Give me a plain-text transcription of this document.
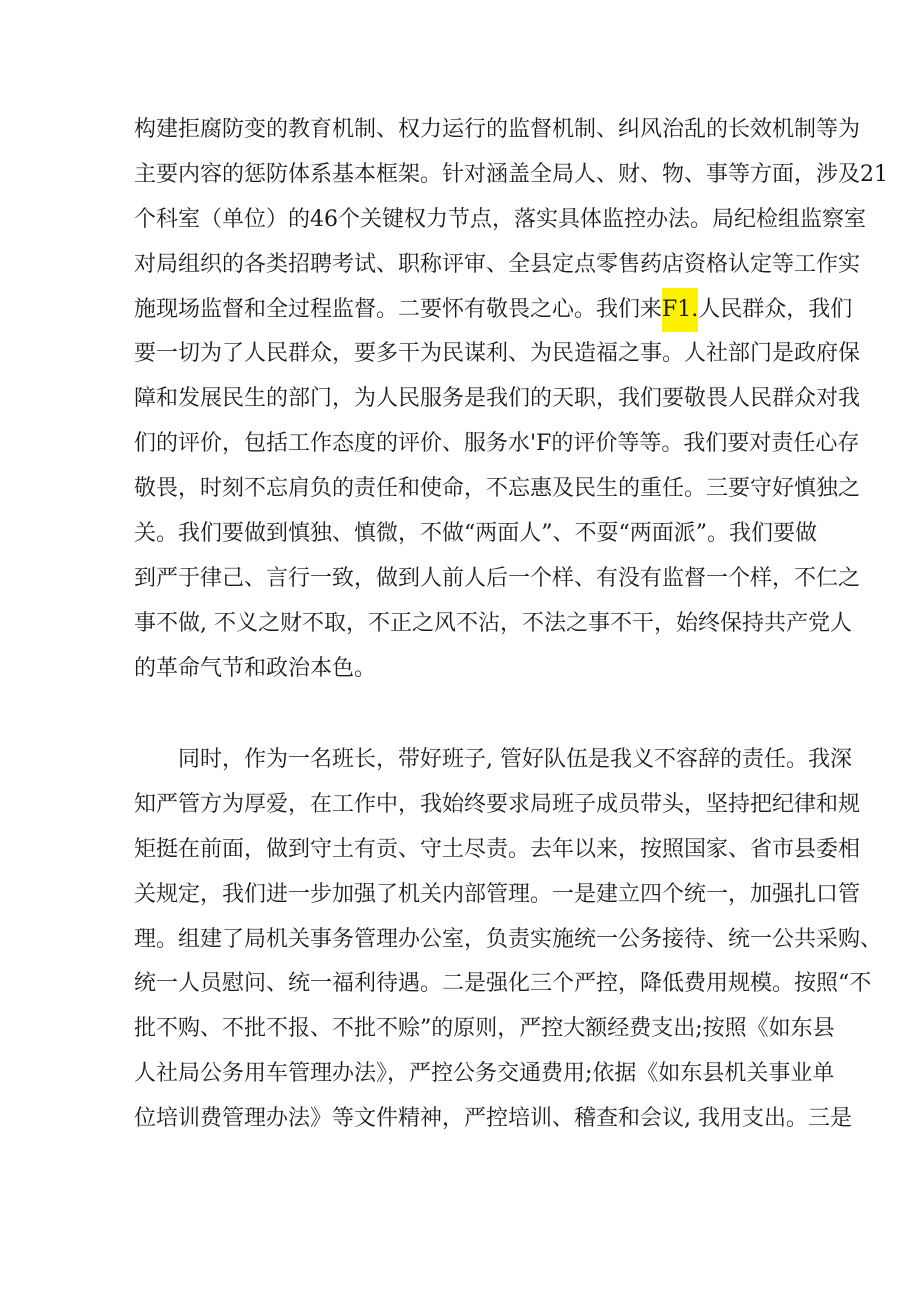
构建拒腐防变的教育机制、权力运行的监督机制、纠风治乱的长效机制等为
主要内容的惩防体系基本框架。针对涵盖全局人、财、物、事等方面，涉及21
个科室（单位）的46个关键权力节点，落实具体监控办法。局纪检组监察室
对局组织的各类招聘考试、职称评审、全县定点零售药店资格认定等工作实
施现场监督和全过程监督。二要怀有敬畏之心。我们来 F1. 人民群众，我们
要一切为了人民群众，要多干为民谋利、为民造福之事。人社部门是政府保
障和发展民生的部门，为人民服务是我们的天职，我们要敬畏人民群众对我
们的评价，包括工作态度的评价、服务水'F的评价等等。我们要对责任心存
敬畏，时刻不忘肩负的责任和使命，不忘惠及民生的重任。三要守好慎独之
关。我们要做到慎独、慎微，不做“两面人”、不耍“两面派”。我们要做
到严于律己、言行一致，做到人前人后一个样、有没有监督一个样，不仁之
事不做, 不义之财不取，不正之风不沾，不法之事不干，始终保持共产党人
的革命气节和政治本色。
同时，作为一名班长，带好班子, 管好队伍是我义不容辞的责任。我深
知严管方为厚爱，在工作中，我始终要求局班子成员带头，坚持把纪律和规
矩挺在前面，做到守土有贡、守土尽责。去年以来，按照国家、省市县委相
关规定，我们进一步加强了机关内部管理。一是建立四个统一，加强扎口管
理。组建了局机关事务管理办公室，负责实施统一公务接待、统一公共采购、
统一人员慰问、统一福利待遇。二是强化三个严控，降低费用规模。按照“不
批不购、不批不报、不批不赊”的原则，严控大额经费支出;按照《如东县
人社局公务用车管理办法》，严控公务交通费用;依据《如东县机关事业单
位培训费管理办法》等文件精神，严控培训、稽查和会议, 我用支出。三是
